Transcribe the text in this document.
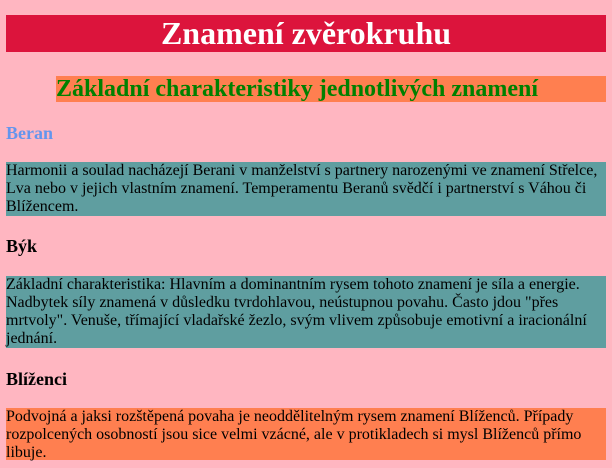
Znamení zvěrokruhu
Základní charakteristiky jednotlivých znamení
Beran

Harmonii a soulad nacházejí Berani v manželství s partnery narozenými ve znamení Střelce, Lva nebo v jejich vlastním znamení. Temperamentu Beranů svědčí i partnerství s Váhou či Blížencem.

Býk

Základní charakteristika: Hlavním a dominantním rysem tohoto znamení je síla a energie. Nadbytek síly znamená v důsledku tvrdohlavou, neústupnou povahu. Často jdou "přes mrtvoly". Venuše, třímající vladařské žezlo, svým vlivem způsobuje emotivní a iracionální jednání.

Blíženci

Podvojná a jaksi rozštěpená povaha je neoddělitelným rysem znamení Blíženců. Případy rozpolcených osobností jsou sice velmi vzácné, ale v protikladech si mysl Blíženců přímo libuje.
